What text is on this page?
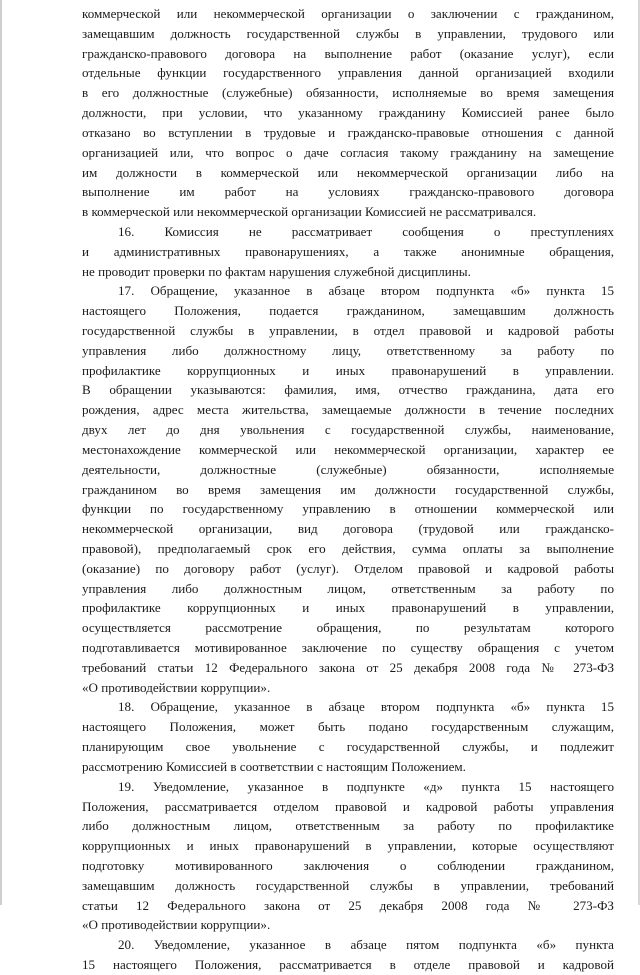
коммерческой или некоммерческой организации о заключении с гражданином,
замещавшим должность государственной службы в управлении, трудового или
гражданско-правового договора на выполнение работ (оказание услуг), если
отдельные функции государственного управления данной организацией входили
в его должностные (служебные) обязанности, исполняемые во время замещения
должности, при условии, что указанному гражданину Комиссией ранее было
отказано во вступлении в трудовые и гражданско-правовые отношения с данной
организацией или, что вопрос о даче согласия такому гражданину на замещение
им должности в коммерческой или некоммерческой организации либо на
выполнение им работ на условиях гражданско-правового договора
в коммерческой или некоммерческой организации Комиссией не рассматривался.
16. Комиссия не рассматривает сообщения о преступлениях
и административных правонарушениях, а также анонимные обращения,
не проводит проверки по фактам нарушения служебной дисциплины.
17. Обращение, указанное в абзаце втором подпункта «б» пункта 15
настоящего Положения, подается гражданином, замещавшим должность
государственной службы в управлении, в отдел правовой и кадровой работы
управления либо должностному лицу, ответственному за работу по
профилактике коррупционных и иных правонарушений в управлении.
В обращении указываются: фамилия, имя, отчество гражданина, дата его
рождения, адрес места жительства, замещаемые должности в течение последних
двух лет до дня увольнения с государственной службы, наименование,
местонахождение коммерческой или некоммерческой организации, характер ее
деятельности, должностные (служебные) обязанности, исполняемые
гражданином во время замещения им должности государственной службы,
функции по государственному управлению в отношении коммерческой или
некоммерческой организации, вид договора (трудовой или гражданско-
правовой), предполагаемый срок его действия, сумма оплаты за выполнение
(оказание) по договору работ (услуг). Отделом правовой и кадровой работы
управления либо должностным лицом, ответственным за работу по
профилактике коррупционных и иных правонарушений в управлении,
осуществляется рассмотрение обращения, по результатам которого
подготавливается мотивированное заключение по существу обращения с учетом
требований статьи 12 Федерального закона от 25 декабря 2008 года № 273-ФЗ
«О противодействии коррупции».
18. Обращение, указанное в абзаце втором подпункта «б» пункта 15
настоящего Положения, может быть подано государственным служащим,
планирующим свое увольнение с государственной службы, и подлежит
рассмотрению Комиссией в соответствии с настоящим Положением.
19. Уведомление, указанное в подпункте «д» пункта 15 настоящего
Положения, рассматривается отделом правовой и кадровой работы управления
либо должностным лицом, ответственным за работу по профилактике
коррупционных и иных правонарушений в управлении, которые осуществляют
подготовку мотивированного заключения о соблюдении гражданином,
замещавшим должность государственной службы в управлении, требований
статьи 12 Федерального закона от 25 декабря 2008 года № 273-ФЗ
«О противодействии коррупции».
20. Уведомление, указанное в абзаце пятом подпункта «б» пункта
15 настоящего Положения, рассматривается в отделе правовой и кадровой
